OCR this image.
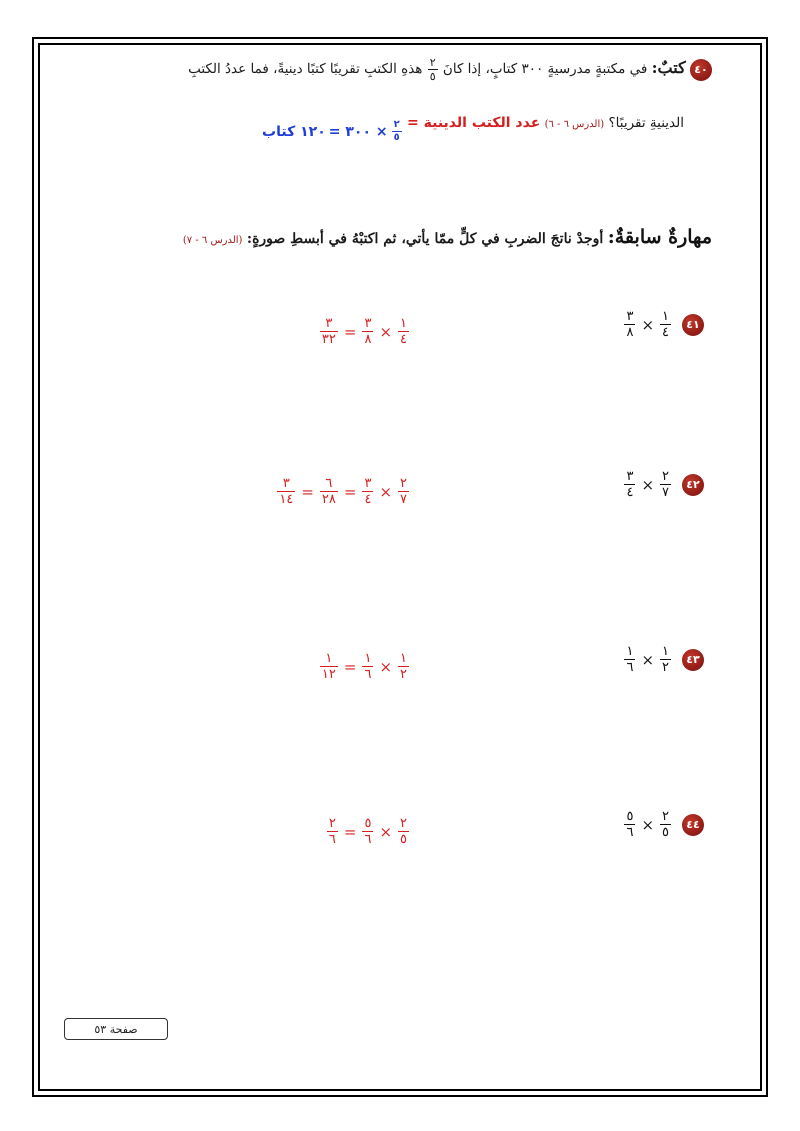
٤٠ كتبٌ: في مكتبةٍ مدرسيةٍ ٣٠٠ كتابٍ، إذا كانَ
$\frac{٢}{٥}$
هذهِ الكتبِ تقريبًا كتبًا دينيةً، فما عددُ الكتبِ
الدينيةِ تقريبًا؟ (الدرس ٦ - ٦) عدد الكتب الدينية =
$\frac{٢}{٥}$
× ٣٠٠ =
١٢٠ كتاب
مهارةٌ سابقةٌ: أوجدْ ناتجَ الضربِ في كلٍّ ممّا يأتي، ثم اكتبْهُ في أبسطِ صورةٍ: (الدرس ٦ - ٧)
٤١
$\frac{١}{٤}$
×
$\frac{٣}{٨}$
$\frac{١}{٤}$
×
$\frac{٣}{٨}$
=
$\frac{٣}{٣٢}$
٤٢
$\frac{٢}{٧}$
×
$\frac{٣}{٤}$
$\frac{٢}{٧}$
×
$\frac{٣}{٤}$
=
$\frac{٦}{٢٨}$
=
$\frac{٣}{١٤}$
٤٣
$\frac{١}{٢}$
×
$\frac{١}{٦}$
$\frac{١}{٢}$
×
$\frac{١}{٦}$
=
$\frac{١}{١٢}$
٤٤
$\frac{٢}{٥}$
×
$\frac{٥}{٦}$
$\frac{٢}{٥}$
×
$\frac{٥}{٦}$
=
$\frac{٢}{٦}$
صفحة ٥٣
